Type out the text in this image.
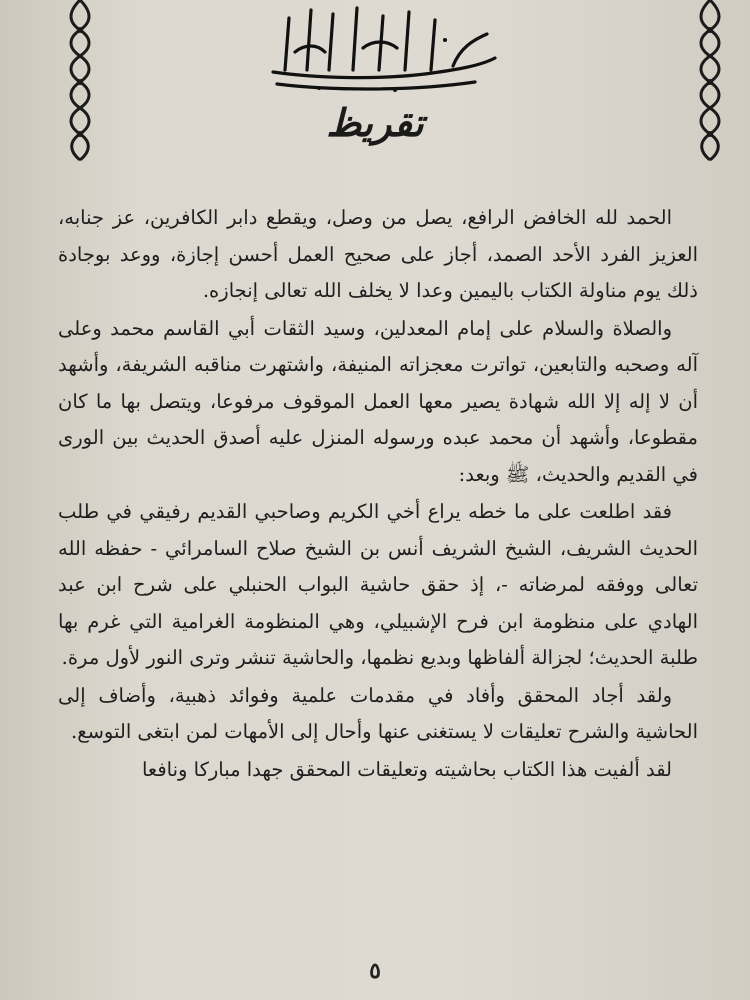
تقريظ

الحمد لله الخافض الرافع، يصل من وصل، ويقطع دابر الكافرين، عز جنابه، العزيز الفرد الأحد الصمد، أجاز على صحيح العمل أحسن إجازة، ووعد بوجادة ذلك يوم مناولة الكتاب باليمين وعدا لا يخلف الله تعالى إنجازه.

والصلاة والسلام على إمام المعدلين، وسيد الثقات أبي القاسم محمد وعلى آله وصحبه والتابعين، تواترت معجزاته المنيفة، واشتهرت مناقبه الشريفة، وأشهد أن لا إله إلا الله شهادة يصير معها العمل الموقوف مرفوعا، ويتصل بها ما كان مقطوعا، وأشهد أن محمد عبده ورسوله المنزل عليه أصدق الحديث بين الورى في القديم والحديث، ﷺ وبعد:

فقد اطلعت على ما خطه يراع أخي الكريم وصاحبي القديم رفيقي في طلب الحديث الشريف، الشيخ الشريف أنس بن الشيخ صلاح السامرائي - حفظه الله تعالى ووفقه لمرضاته -، إذ حقق حاشية البواب الحنبلي على شرح ابن عبد الهادي على منظومة ابن فرح الإشبيلي، وهي المنظومة الغرامية التي غرم بها طلبة الحديث؛ لجزالة ألفاظها وبديع نظمها، والحاشية تنشر وترى النور لأول مرة.

ولقد أجاد المحقق وأفاد في مقدمات علمية وفوائد ذهبية، وأضاف إلى الحاشية والشرح تعليقات لا يستغنى عنها وأحال إلى الأمهات لمن ابتغى التوسع.

لقد ألفيت هذا الكتاب بحاشيته وتعليقات المحقق جهدا مباركا ونافعا

٥
